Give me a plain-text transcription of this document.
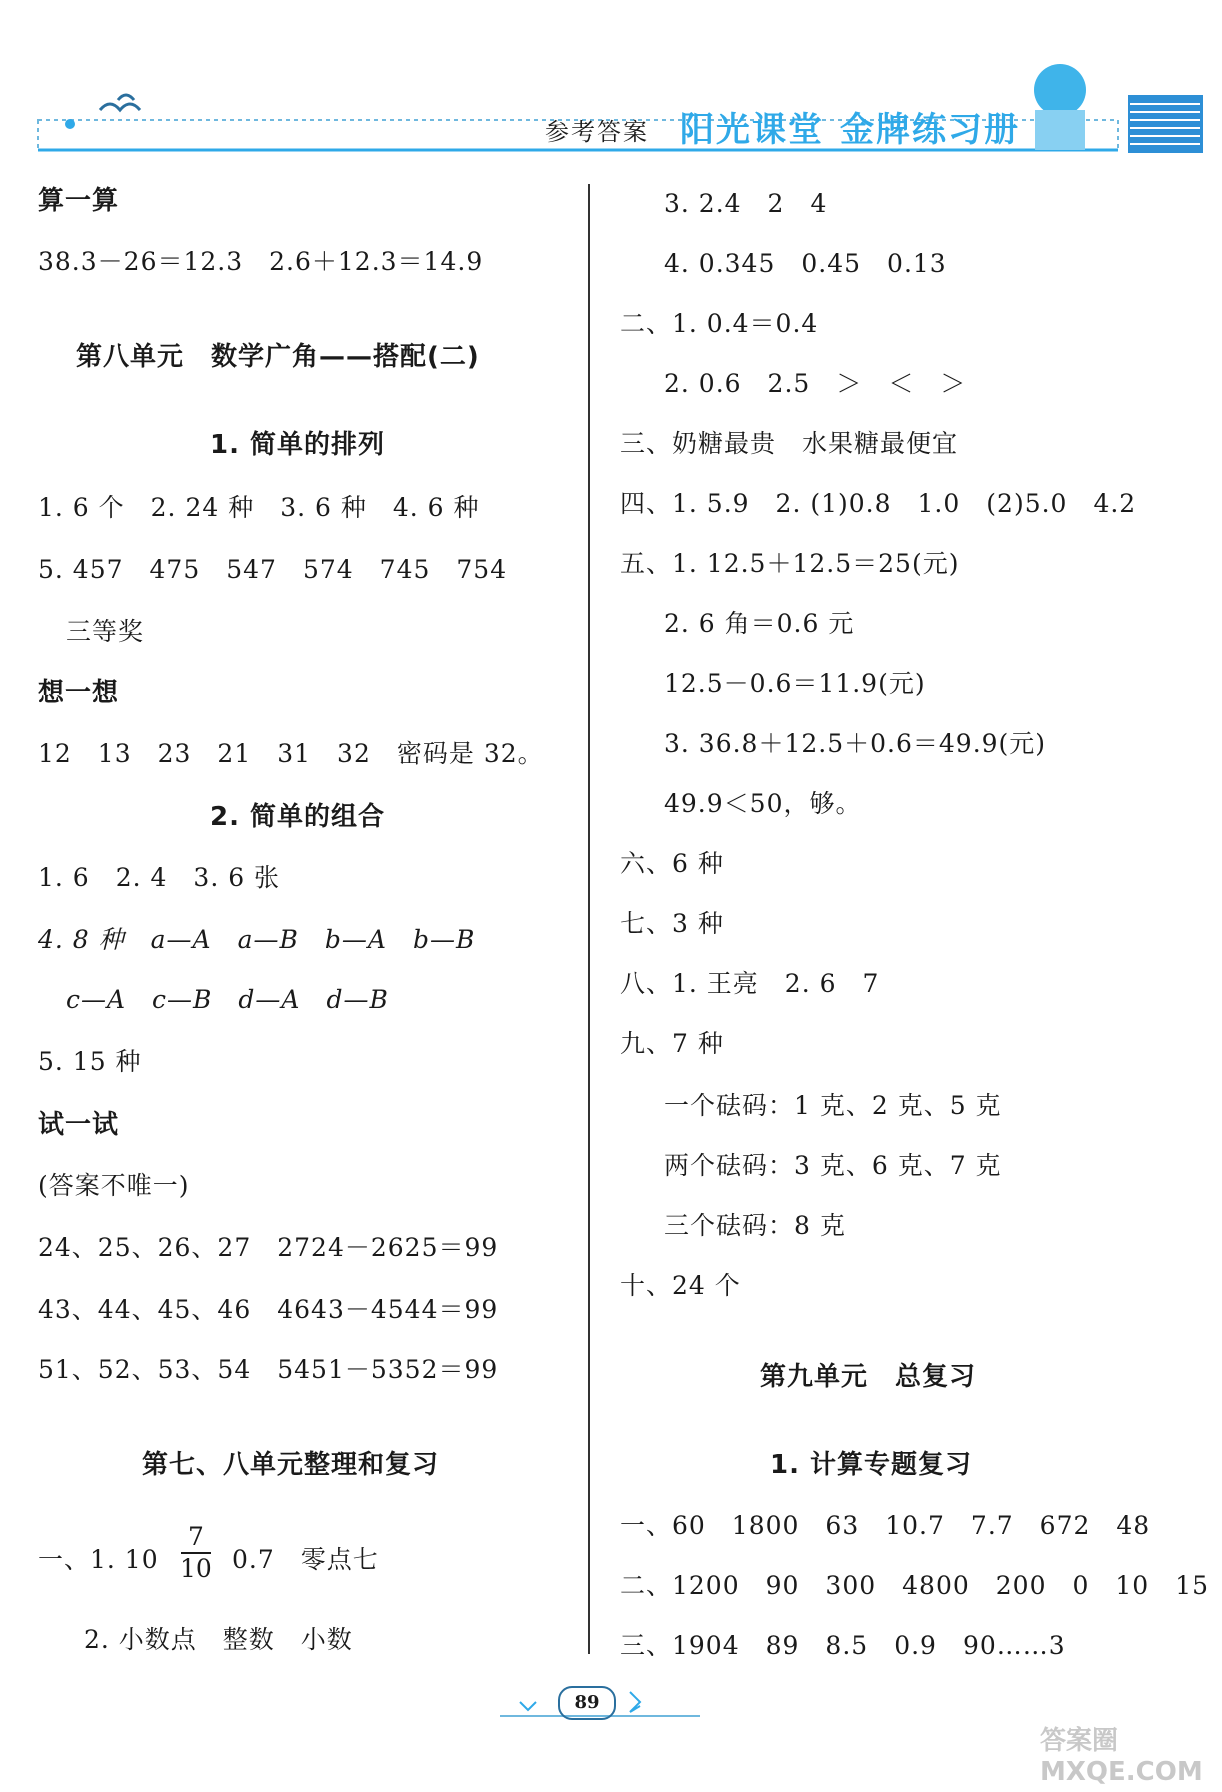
参考答案 阳光课堂 金牌练习册
算一算
38.3－26＝12.3　2.6＋12.3＝14.9
第八单元　数学广角——搭配(二)
1. 简单的排列
1. 6 个　2. 24 种　3. 6 种　4. 6 种
5. 457　475　547　574　745　754
三等奖
想一想
12　13　23　21　31　32　密码是 32。
2. 简单的组合
1. 6　2. 4　3. 6 张
4. 8 种　a—A　a—B　b—A　b—B
c—A　c—B　d—A　d—B
5. 15 种
试一试
(答案不唯一)
24、25、26、27　2724－2625＝99
43、44、45、46　4643－4544＝99
51、52、53、54　5451－5352＝99
第七、八单元整理和复习
一、1. 10
7
10 0.7　零点七
2. 小数点　整数　小数
3. 2.4　2　4
4. 0.345　0.45　0.13
二、1. 0.4＝0.4
2. 0.6　2.5　＞　＜　＞
三、奶糖最贵　水果糖最便宜
四、1. 5.9　2. (1)0.8　1.0　(2)5.0　4.2
五、1. 12.5＋12.5＝25(元)
2. 6 角＝0.6 元
12.5－0.6＝11.9(元)
3. 36.8＋12.5＋0.6＝49.9(元)
49.9＜50，够。
六、6 种
七、3 种
八、1. 王亮　2. 6　7
九、7 种
一个砝码：1 克、2 克、5 克
两个砝码：3 克、6 克、7 克
三个砝码：8 克
十、24 个
第九单元　总复习
1. 计算专题复习
一、60　1800　63　10.7　7.7　672　48
二、1200　90　300　4800　200　0　10　15
三、1904　89　8.5　0.9　90……3
89
答案圈 MXQE.COM
